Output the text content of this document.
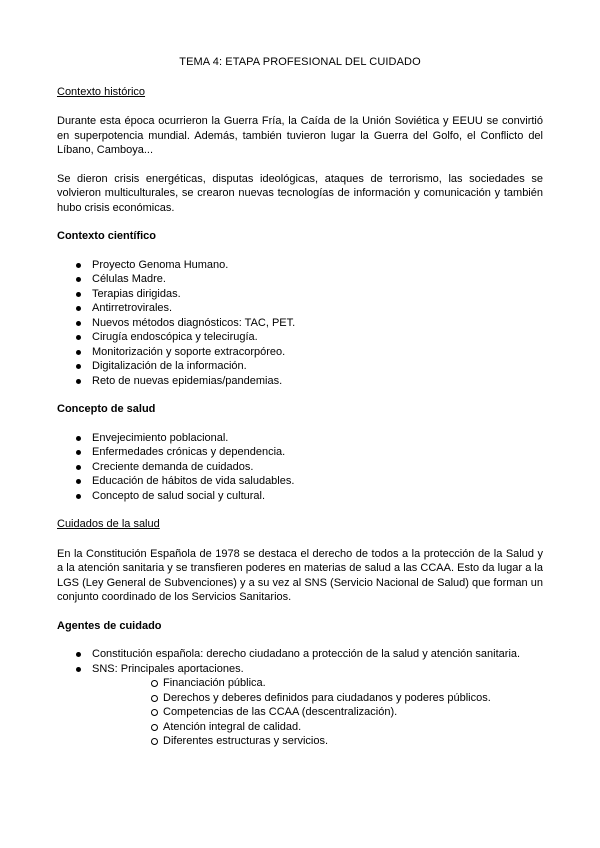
TEMA 4: ETAPA PROFESIONAL DEL CUIDADO
Contexto histórico

Durante esta época ocurrieron la Guerra Fría, la Caída de la Unión Soviética y EEUU se convirtió en superpotencia mundial. Además, también tuvieron lugar la Guerra del Golfo, el Conflicto del Líbano, Camboya...

Se dieron crisis energéticas, disputas ideológicas, ataques de terrorismo, las sociedades se volvieron multiculturales, se crearon nuevas tecnologías de información y comunicación y también hubo crisis económicas.

Contexto científico
Proyecto Genoma Humano.
Células Madre.
Terapias dirigidas.
Antirretrovirales.
Nuevos métodos diagnósticos: TAC, PET.
Cirugía endoscópica y telecirugía.
Monitorización y soporte extracorpóreo.
Digitalización de la información.
Reto de nuevas epidemias/pandemias.
Concepto de salud
Envejecimiento poblacional.
Enfermedades crónicas y dependencia.
Creciente demanda de cuidados.
Educación de hábitos de vida saludables.
Concepto de salud social y cultural.
Cuidados de la salud

En la Constitución Española de 1978 se destaca el derecho de todos a la protección de la Salud y a la atención sanitaria y se transfieren poderes en materias de salud a las CCAA. Esto da lugar a la LGS (Ley General de Subvenciones) y a su vez al SNS (Servicio Nacional de Salud) que forman un conjunto coordinado de los Servicios Sanitarios.

Agentes de cuidado
Constitución española: derecho ciudadano a protección de la salud y atención sanitaria.
SNS: Principales aportaciones.
Financiación pública.
Derechos y deberes definidos para ciudadanos y poderes públicos.
Competencias de las CCAA (descentralización).
Atención integral de calidad.
Diferentes estructuras y servicios.
